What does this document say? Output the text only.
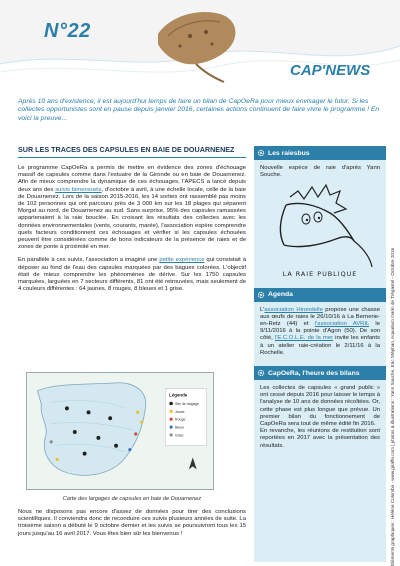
N°22
CAP'NEWS

Après 10 ans d'existence, il est aujourd'hui temps de faire un bilan de CapOeRa pour mieux envisager le futur. Si les collectes opportunistes sont en pause depuis janvier 2016, certaines actions continuent de faire vivre le programme ! En voici la preuve...

SUR LES TRACES DES CAPSULES EN BAIE DE DOUARNENEZ

Le programme CapOeRa a permis de mettre en évidence des zones d'échouage massif de capsules comme dans l'estuaire de la Gironde ou en baie de Douarnenez. Afin de mieux comprendre la dynamique de ces échouages, l'APECS a lancé depuis deux ans des suivis bimensuels, d'octobre à avril, à une échelle locale, celle de la baie de Douarnenez. Lors de la saison 2015-2016, les 14 sorties ont rassemblé pas moins de 102 personnes qui ont parcouru près de 3 000 km sur les 18 plages qui séparent Morgat au nord, de Douarnenez au sud. Sans surprise, 95% des capsules ramassées appartenaient à la raie bouclée. En croisant les résultats des collectes avec les données environnementales (vents, courants, marée), l'association espère comprendre quels facteurs conditionnent ces échouages et vérifier si les capsules échouées peuvent être considérées comme de bons indicateurs de la présence de raies et de zones de ponte à proximité en mer.

En parallèle à ces suivis, l'association a imaginé une petite expérience qui consistait à déposer au fond de l'eau des capsules marquées par des bagues colorées. L'objectif était de mieux comprendre les phénomènes de dérive. Sur les 1750 capsules marquées, larguées en 7 secteurs différents, 81 ont été retrouvées, mais seulement de 4 couleurs différentes : 64 jaunes, 8 rouges, 8 bleues et 1 grise.

Légende
Site de largage
Jaune
Rouge
Bleue
Grise
Carte des largages de capsules en baie de Douarnenez

Nous ne disposons pas encore d'assez de données pour tirer des conclusions scientifiques. Il conviendra donc de reconduire ces suivis plusieurs années de suite. La troisième saison a débuté le 9 octobre dernier et les suivis se poursuivront tous les 15 jours jusqu'au 16 avril 2017. Vous êtes bien sûr les bienvenus !

Les raiesbus

Nouvelle espèce de raie d'après Yann Souche.

LA RAIE PUBLIQUE
Agenda

L'association Hirondelle propose une chasse aux œufs de raies le 26/10/16 à La Bernerie-en-Retz (44) et l'association AVRIL le 9/11/2016 à la pointe d'Agon (50). De son côté, l'E.C.O.L.E. de la mer invite les enfants à un atelier raie-création le 2/11/16 à la Rochelle.

CapOeRa, l'heure des bilans

Les collectes de capsules « grand public » ont cessé depuis 2016 pour laisser le temps à l'analyse de 10 ans de données récoltées. Or, cette phase est plus longue que prévue. Un premier bilan du fonctionnement de CapOeRa sera tout de même édité fin 2016.

En revanche, les réunions de restitution sont reportées en 2017 avec la présentation des résultats.	Éléments graphiques : Hélène Colombo - www.giraffe.com | photos & illustrations : Yann Souche, Eric Stéphan, Aquarium marin de Trégastel - Octobre 2016
